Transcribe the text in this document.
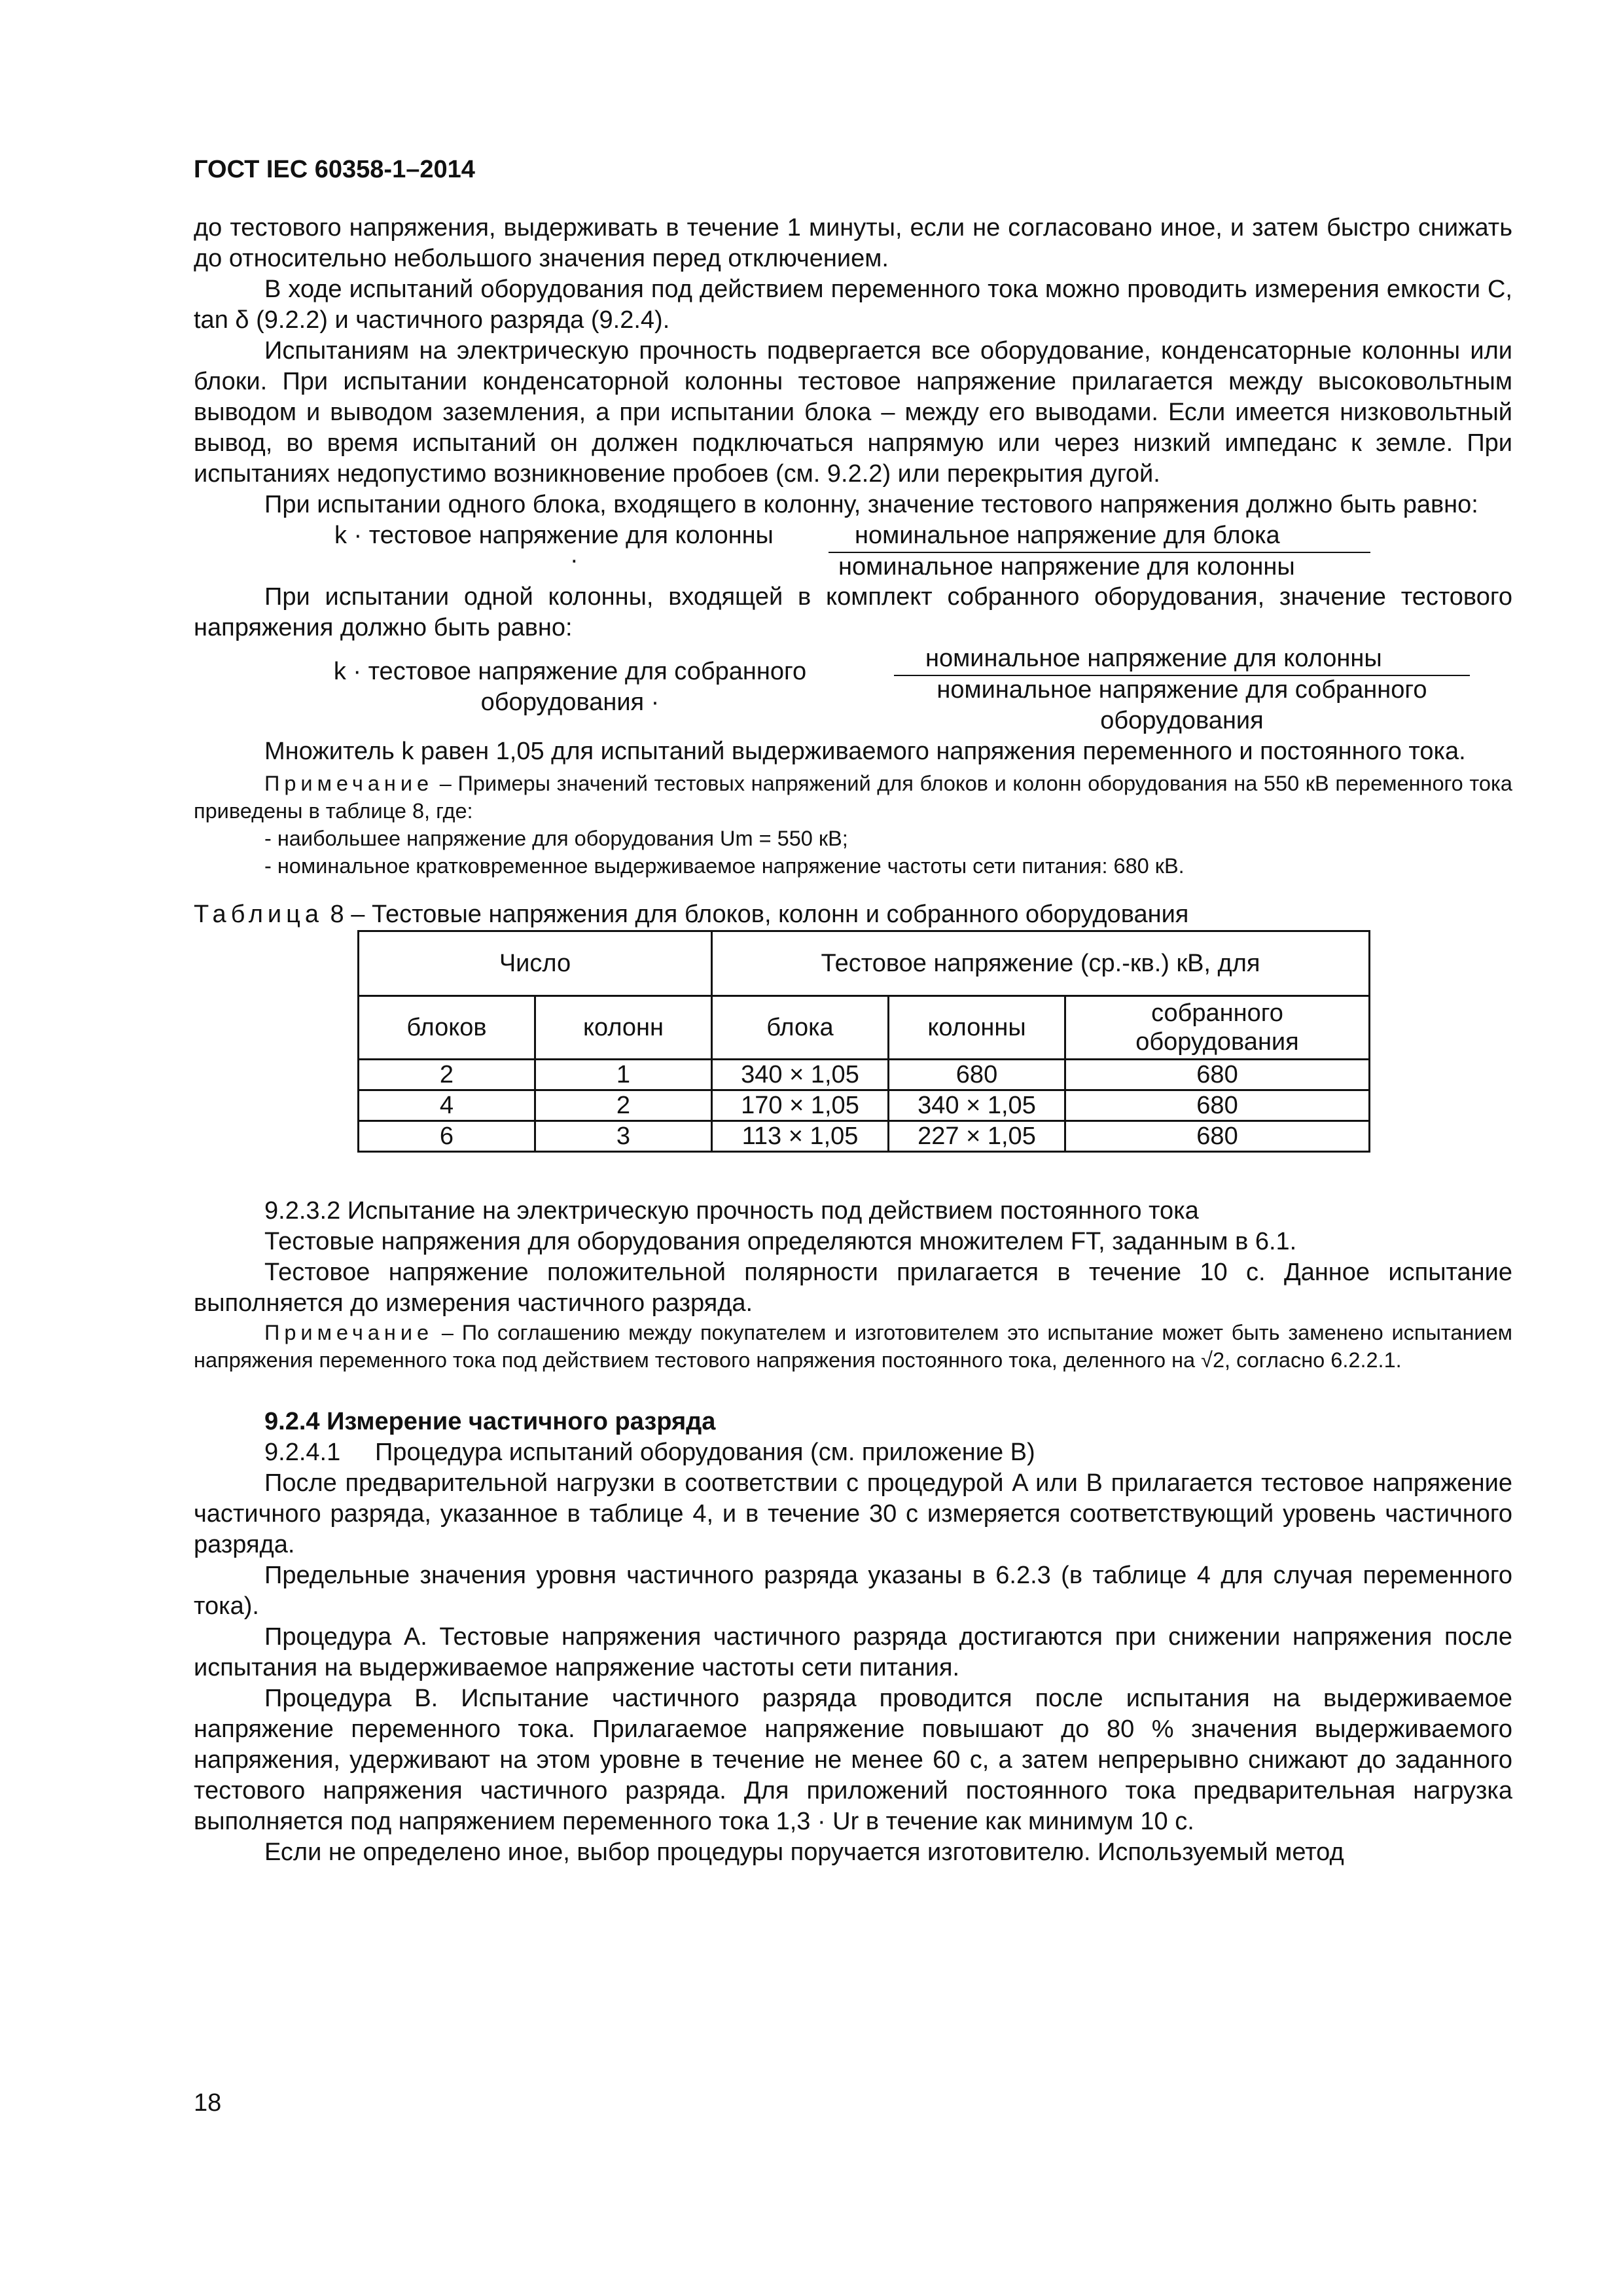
ГОСТ IEC 60358-1–2014

до тестового напряжения, выдерживать в течение 1 минуты, если не согласовано иное, и затем быстро снижать до относительно небольшого значения перед отключением.

В ходе испытаний оборудования под действием переменного тока можно проводить измерения емкости C, tan δ (9.2.2) и частичного разряда (9.2.4).

Испытаниям на электрическую прочность подвергается все оборудование, конденсаторные колонны или блоки. При испытании конденсаторной колонны тестовое напряжение прилагается между высоковольтным выводом и выводом заземления, а при испытании блока – между его выводами. Если имеется низковольтный вывод, во время испытаний он должен подключаться напрямую или через низкий импеданс к земле. При испытаниях недопустимо возникновение пробоев (см. 9.2.2) или перекрытия дугой.

При испытании одного блока, входящего в колонну, значение тестового напряжения должно быть равно:

k · тестовое напряжение для колонны
·
номинальное напряжение для блока
номинальное напряжение для колонны

При испытании одной колонны, входящей в комплект собранного оборудования, значение тестового напряжения должно быть равно:

k · тестовое напряжение для собранного
оборудования ·
номинальное напряжение для колонны
номинальное напряжение для собранного
оборудования

Множитель k равен 1,05 для испытаний выдерживаемого напряжения переменного и постоянного тока.

Примечание – Примеры значений тестовых напряжений для блоков и колонн оборудования на 550 кВ переменного тока приведены в таблице 8, где:

- наибольшее напряжение для оборудования Um = 550 кВ;

- номинальное кратковременное выдерживаемое напряжение частоты сети питания: 680 кВ.

Таблица 8 – Тестовые напряжения для блоков, колонн и собранного оборудования
Число		Тестовое напряжение (ср.-кв.) кВ, для		
блоков	колонн	блока	колонны	собранного оборудования
2	1	340 × 1,05	680	680
4	2	170 × 1,05	340 × 1,05	680
6	3	113 × 1,05	227 × 1,05	680

9.2.3.2 Испытание на электрическую прочность под действием постоянного тока

Тестовые напряжения для оборудования определяются множителем FT, заданным в 6.1.

Тестовое напряжение положительной полярности прилагается в течение 10 с. Данное испытание выполняется до измерения частичного разряда.

Примечание – По соглашению между покупателем и изготовителем это испытание может быть заменено испытанием напряжения переменного тока под действием тестового напряжения постоянного тока, деленного на √2, согласно 6.2.2.1.

9.2.4 Измерение частичного разряда

9.2.4.1     Процедура испытаний оборудования (см. приложение B)

После предварительной нагрузки в соответствии с процедурой A или B прилагается тестовое напряжение частичного разряда, указанное в таблице 4, и в течение 30 с измеряется соответствующий уровень частичного разряда.

Предельные значения уровня частичного разряда указаны в 6.2.3 (в таблице 4 для случая переменного тока).

Процедура A. Тестовые напряжения частичного разряда достигаются при снижении напряжения после испытания на выдерживаемое напряжение частоты сети питания.

Процедура B. Испытание частичного разряда проводится после испытания на выдерживаемое напряжение переменного тока. Прилагаемое напряжение повышают до 80 % значения выдерживаемого напряжения, удерживают на этом уровне в течение не менее 60 с, а затем непрерывно снижают до заданного тестового напряжения частичного разряда. Для приложений постоянного тока предварительная нагрузка выполняется под напряжением переменного тока 1,3 · Ur в течение как минимум 10 с.

Если не определено иное, выбор процедуры поручается изготовителю. Используемый метод

18
